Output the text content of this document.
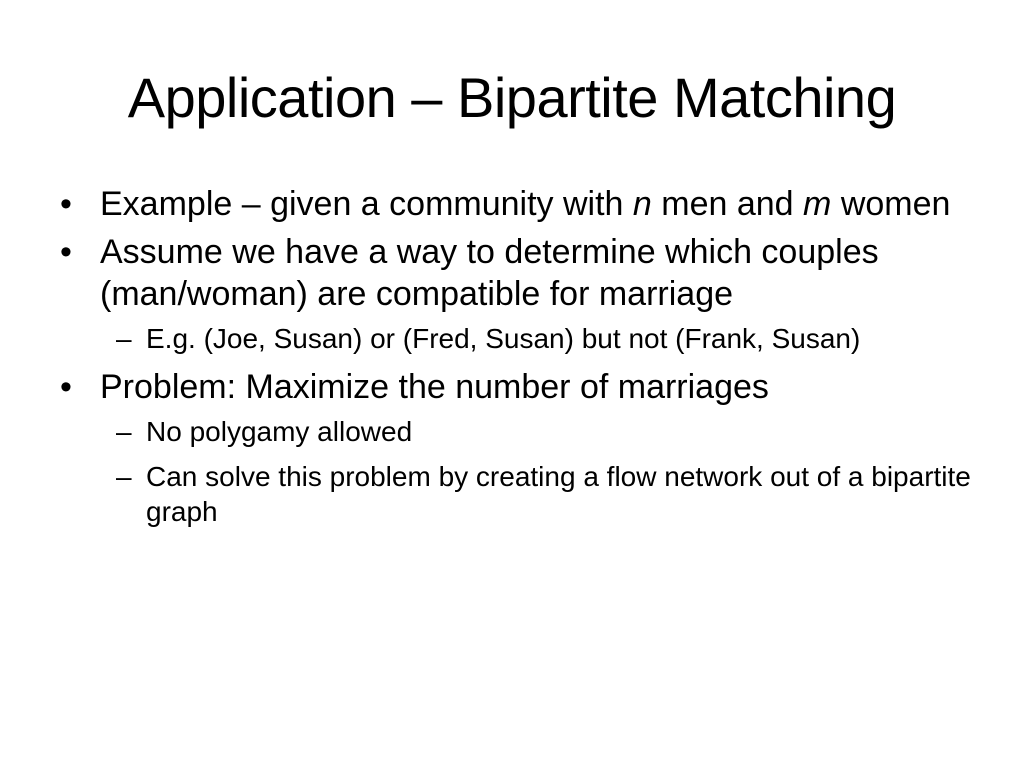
Application – Bipartite Matching
• Example – given a community with n men and m women
• Assume we have a way to determine which couples (man/woman) are compatible for marriage
– E.g. (Joe, Susan) or (Fred, Susan) but not (Frank, Susan)
• Problem: Maximize the number of marriages
– No polygamy allowed
– Can solve this problem by creating a flow network out of a bipartite graph
